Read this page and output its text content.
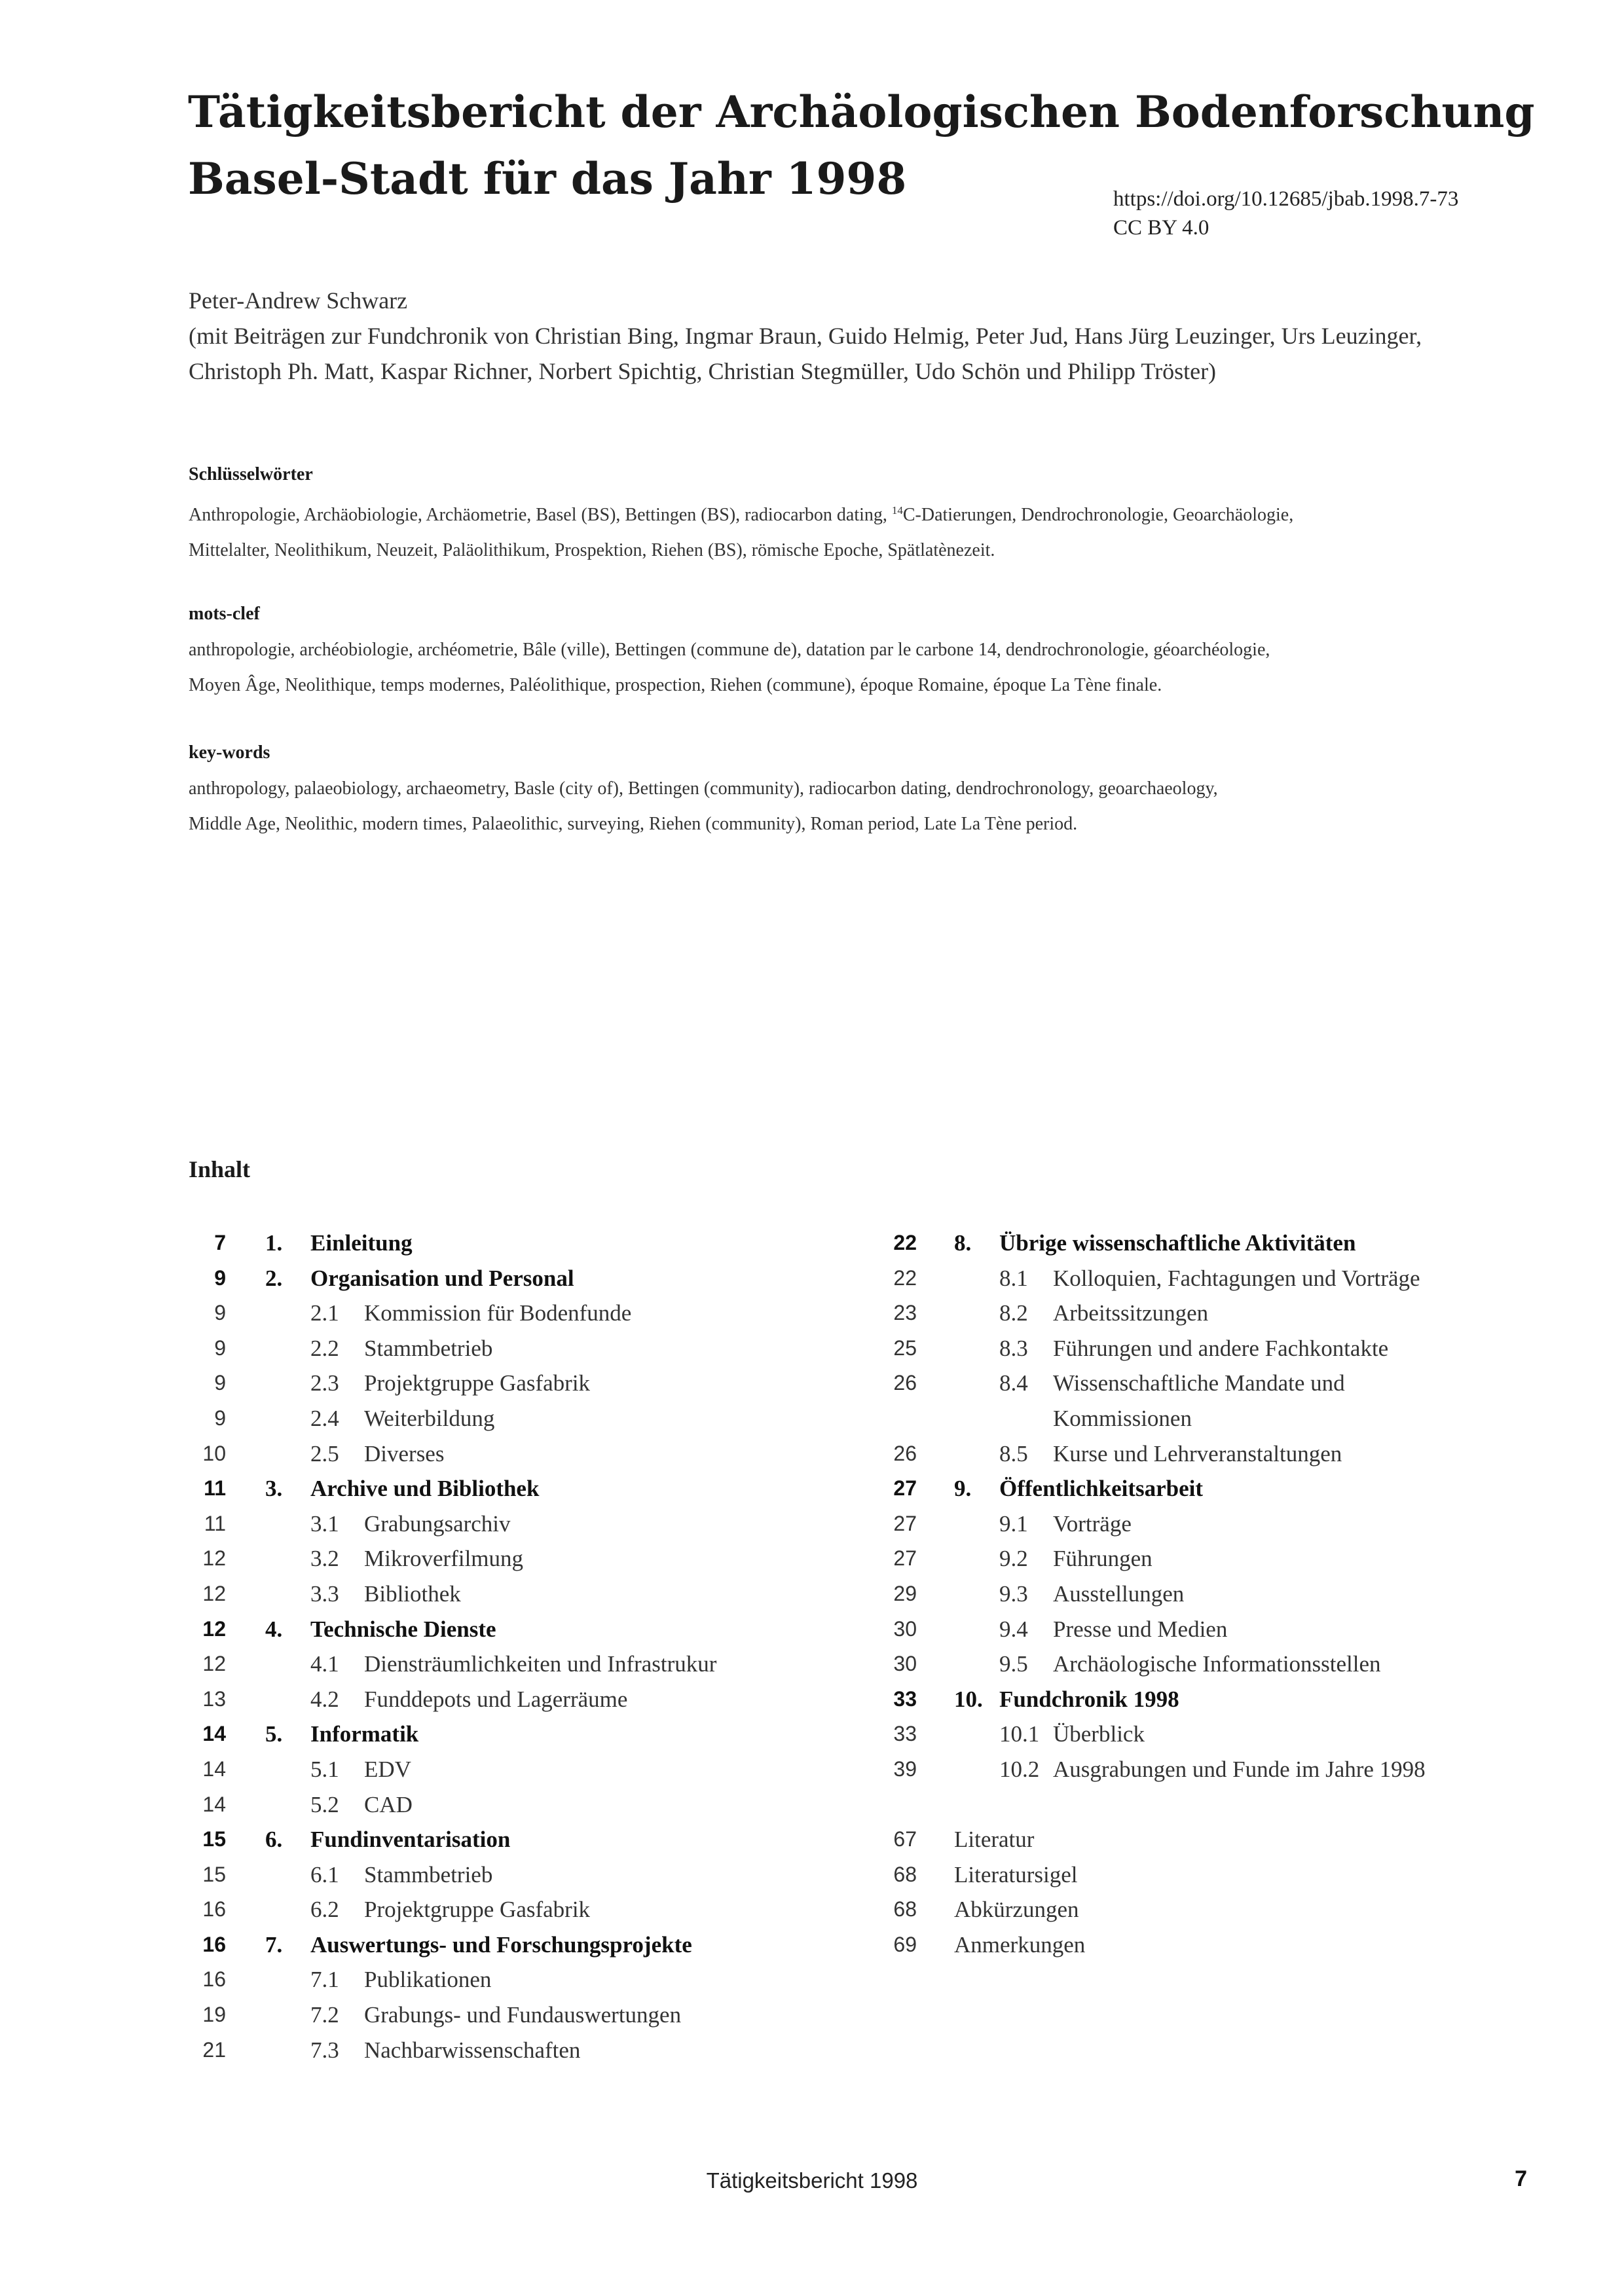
Tätigkeitsbericht der Archäologischen Bodenforschung
Basel-Stadt für das Jahr 1998	https://doi.org/10.12685/jbab.1998.7-73
CC BY 4.0
Peter-Andrew Schwarz
(mit Beiträgen zur Fundchronik von Christian Bing, Ingmar Braun, Guido Helmig, Peter Jud, Hans Jürg Leuzinger, Urs Leuzinger,
Christoph Ph. Matt, Kaspar Richner, Norbert Spichtig, Christian Stegmüller, Udo Schön und Philipp Tröster)
Schlüsselwörter
Anthropologie, Archäobiologie, Archäometrie, Basel (BS), Bettingen (BS), radiocarbon dating, $^{14}$C-Datierungen, Dendrochronologie, Geoarchäologie,
Mittelalter, Neolithikum, Neuzeit, Paläolithikum, Prospektion, Riehen (BS), römische Epoche, Spätlatènezeit.
mots-clef
anthropologie, archéobiologie, archéometrie, Bâle (ville), Bettingen (commune de), datation par le carbone 14, dendrochronologie, géoarchéologie,
Moyen Âge, Neolithique, temps modernes, Paléolithique, prospection, Riehen (commune), époque Romaine, époque La Tène finale.
key-words
anthropology, palaeobiology, archaeometry, Basle (city of), Bettingen (community), radiocarbon dating, dendrochronology, geoarchaeology,
Middle Age, Neolithic, modern times, Palaeolithic, surveying, Riehen (community), Roman period, Late La Tène period.
Inhalt
7 1. Einleitung
9 2. Organisation und Personal
9	2.1 Kommission für Bodenfunde
9	2.2 Stammbetrieb
9	2.3 Projektgruppe Gasfabrik
9	2.4 Weiterbildung
10	2.5 Diverses
11 3. Archive und Bibliothek
11	3.1 Grabungsarchiv
12	3.2 Mikroverfilmung
12	3.3 Bibliothek
12 4. Technische Dienste
12	4.1 Diensträumlichkeiten und Infrastrukur
13	4.2 Funddepots und Lagerräume
14 5. Informatik
14	5.1 EDV
14	5.2 CAD
15 6. Fundinventarisation
15	6.1 Stammbetrieb
16	6.2 Projektgruppe Gasfabrik
16 7. Auswertungs- und Forschungsprojekte
16	7.1 Publikationen
19	7.2 Grabungs- und Fundauswertungen
21	7.3 Nachbarwissenschaften
22 8. Übrige wissenschaftliche Aktivitäten
22	8.1 Kolloquien, Fachtagungen und Vorträge
23	8.2 Arbeitssitzungen
25	8.3 Führungen und andere Fachkontakte
26	8.4 Wissenschaftliche Mandate und
Kommissionen
26	8.5 Kurse und Lehrveranstaltungen
27 9. Öffentlichkeitsarbeit
27	9.1 Vorträge
27	9.2 Führungen
29	9.3 Ausstellungen
30	9.4 Presse und Medien
30	9.5 Archäologische Informationsstellen
33 10. Fundchronik 1998
33	10.1 Überblick
39	10.2 Ausgrabungen und Funde im Jahre 1998
67 Literatur
68 Literatursigel
68 Abkürzungen
69 Anmerkungen
Tätigkeitsbericht 1998	7
